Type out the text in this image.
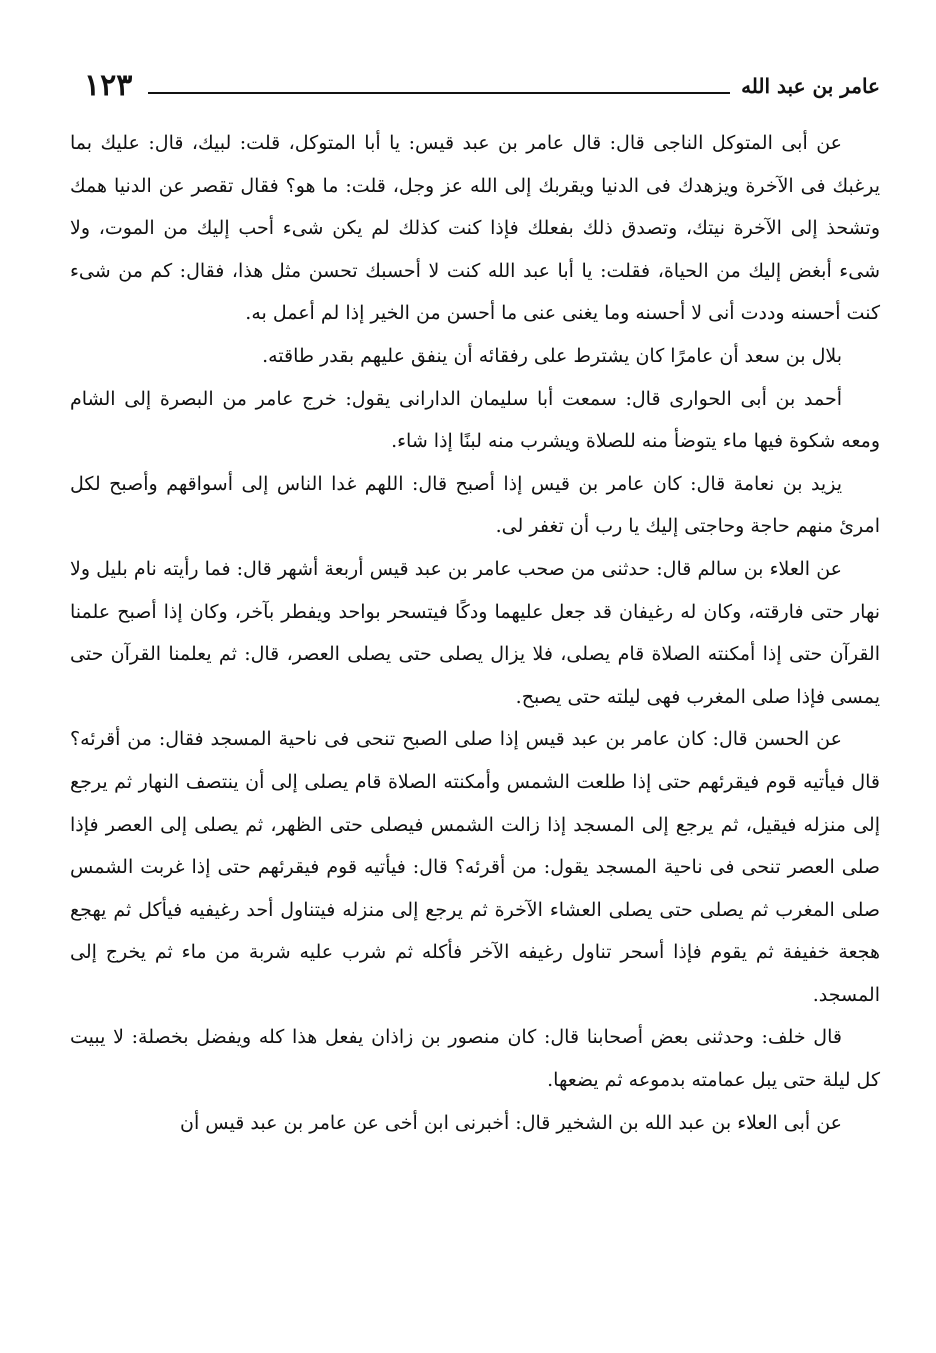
عامر بن عبد الله
١٢٣

عن أبى المتوكل الناجى قال: قال عامر بن عبد قيس: يا أبا المتوكل، قلت: لبيك، قال: عليك بما يرغبك فى الآخرة ويزهدك فى الدنيا ويقربك إلى الله عز وجل، قلت: ما هو؟ فقال تقصر عن الدنيا همك وتشحذ إلى الآخرة نيتك، وتصدق ذلك بفعلك فإذا كنت كذلك لم يكن شىء أحب إليك من الموت، ولا شىء أبغض إليك من الحياة، فقلت: يا أبا عبد الله كنت لا أحسبك تحسن مثل هذا، فقال: كم من شىء كنت أحسنه وددت أنى لا أحسنه وما يغنى عنى ما أحسن من الخير إذا لم أعمل به.

بلال بن سعد أن عامرًا كان يشترط على رفقائه أن ينفق عليهم بقدر طاقته.

أحمد بن أبى الحوارى قال: سمعت أبا سليمان الدارانى يقول: خرج عامر من البصرة إلى الشام ومعه شكوة فيها ماء يتوضأ منه للصلاة ويشرب منه لبنًا إذا شاء.

يزيد بن نعامة قال: كان عامر بن قيس إذا أصبح قال: اللهم غدا الناس إلى أسواقهم وأصبح لكل امرئ منهم حاجة وحاجتى إليك يا رب أن تغفر لى.

عن العلاء بن سالم قال: حدثنى من صحب عامر بن عبد قيس أربعة أشهر قال: فما رأيته نام بليل ولا نهار حتى فارقته، وكان له رغيفان قد جعل عليهما ودكًا فيتسحر بواحد ويفطر بآخر، وكان إذا أصبح علمنا القرآن حتى إذا أمكنته الصلاة قام يصلى، فلا يزال يصلى حتى يصلى العصر، قال: ثم يعلمنا القرآن حتى يمسى فإذا صلى المغرب فهى ليلته حتى يصبح.

عن الحسن قال: كان عامر بن عبد قيس إذا صلى الصبح تنحى فى ناحية المسجد فقال: من أقرئه؟ قال فيأتيه قوم فيقرئهم حتى إذا طلعت الشمس وأمكنته الصلاة قام يصلى إلى أن ينتصف النهار ثم يرجع إلى منزله فيقيل، ثم يرجع إلى المسجد إذا زالت الشمس فيصلى حتى الظهر، ثم يصلى إلى العصر فإذا صلى العصر تنحى فى ناحية المسجد يقول: من أقرئه؟ قال: فيأتيه قوم فيقرئهم حتى إذا غربت الشمس صلى المغرب ثم يصلى حتى يصلى العشاء الآخرة ثم يرجع إلى منزله فيتناول أحد رغيفيه فيأكل ثم يهجع هجعة خفيفة ثم يقوم فإذا أسحر تناول رغيفه الآخر فأكله ثم شرب عليه شربة من ماء ثم يخرج إلى المسجد.

قال خلف: وحدثنى بعض أصحابنا قال: كان منصور بن زاذان يفعل هذا كله ويفضل بخصلة: لا يبيت كل ليلة حتى يبل عمامته بدموعه ثم يضعها.

عن أبى العلاء بن عبد الله بن الشخير قال: أخبرنى ابن أخى عن عامر بن عبد قيس أن
